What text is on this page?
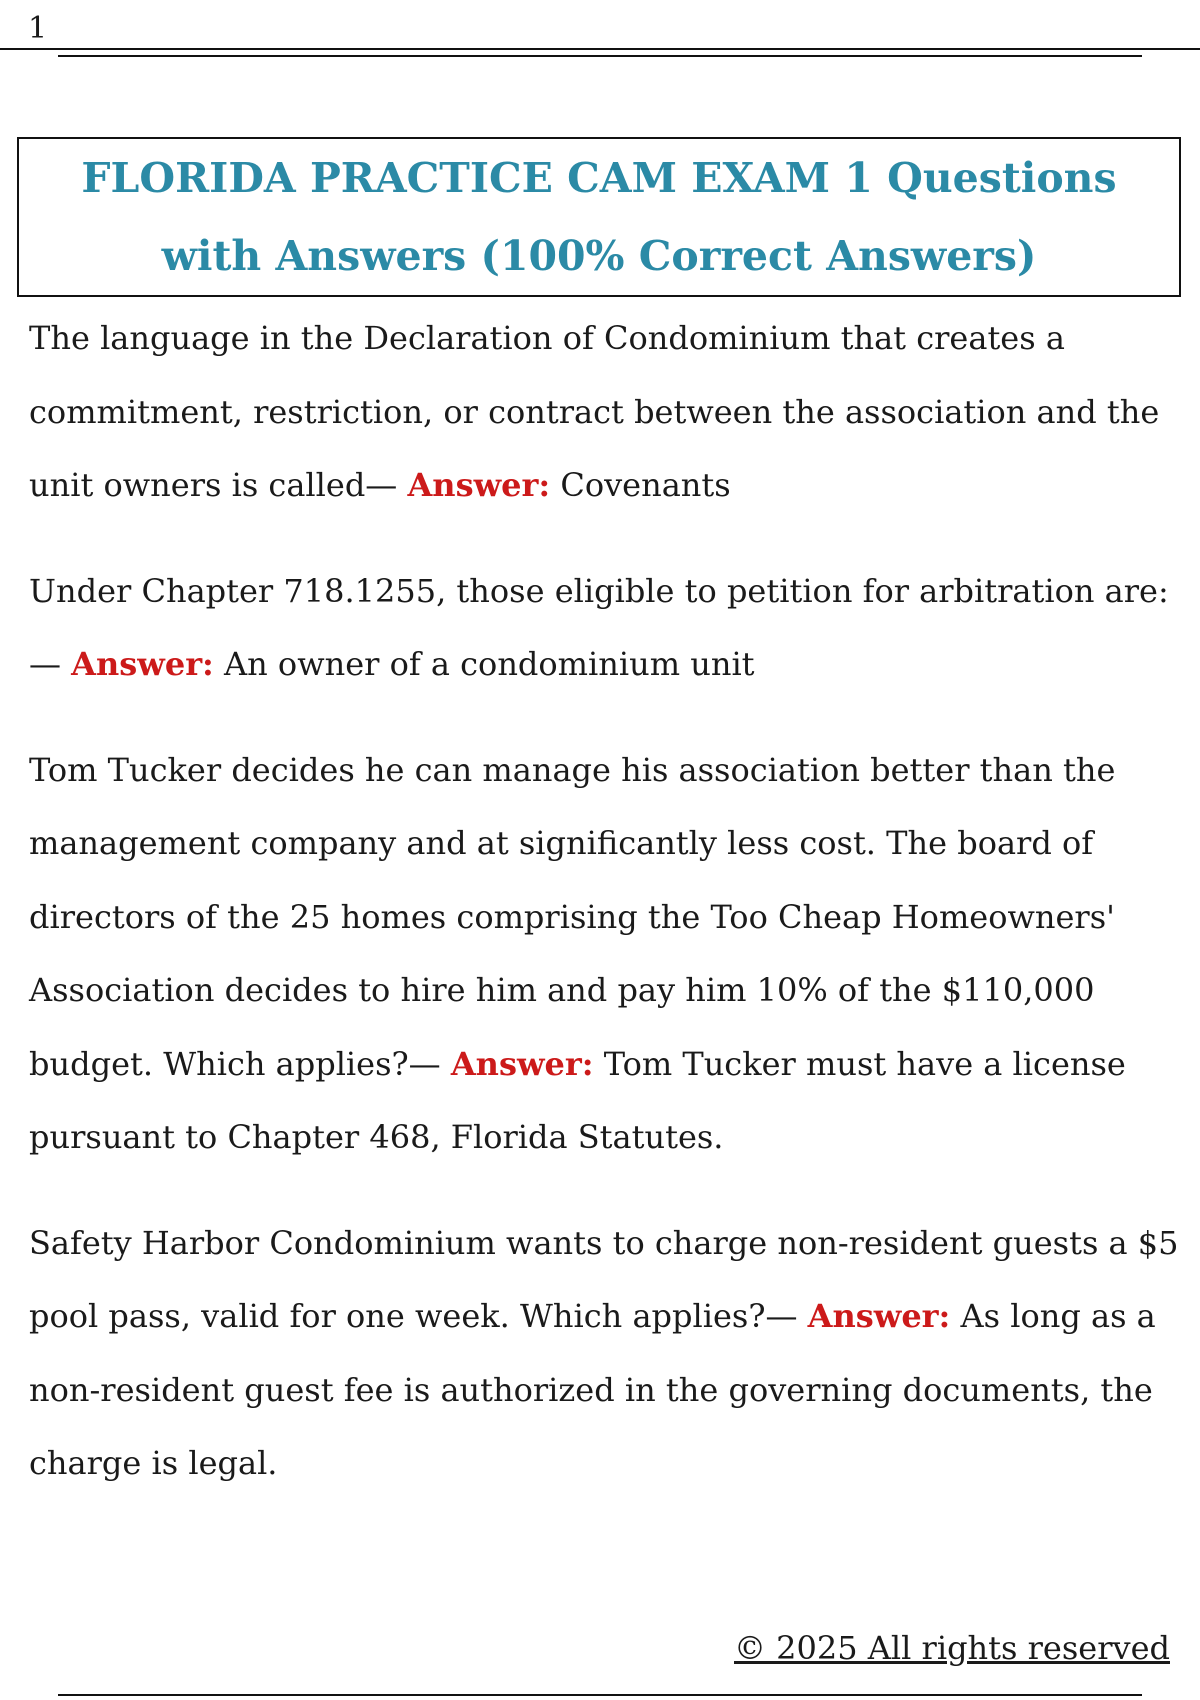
1
FLORIDA PRACTICE CAM EXAM 1 Questions with Answers (100% Correct Answers)

The language in the Declaration of Condominium that creates a commitment, restriction, or contract between the association and the unit owners is called— Answer: Covenants

Under Chapter 718.1255, those eligible to petition for arbitration are:— Answer: An owner of a condominium unit

Tom Tucker decides he can manage his association better than the management company and at significantly less cost. The board of directors of the 25 homes comprising the Too Cheap Homeowners' Association decides to hire him and pay him 10% of the $110,000 budget. Which applies?— Answer: Tom Tucker must have a license pursuant to Chapter 468, Florida Statutes.

Safety Harbor Condominium wants to charge non-resident guests a $5 pool pass, valid for one week. Which applies?— Answer: As long as a non-resident guest fee is authorized in the governing documents, the charge is legal.

© 2025 All rights reserved
